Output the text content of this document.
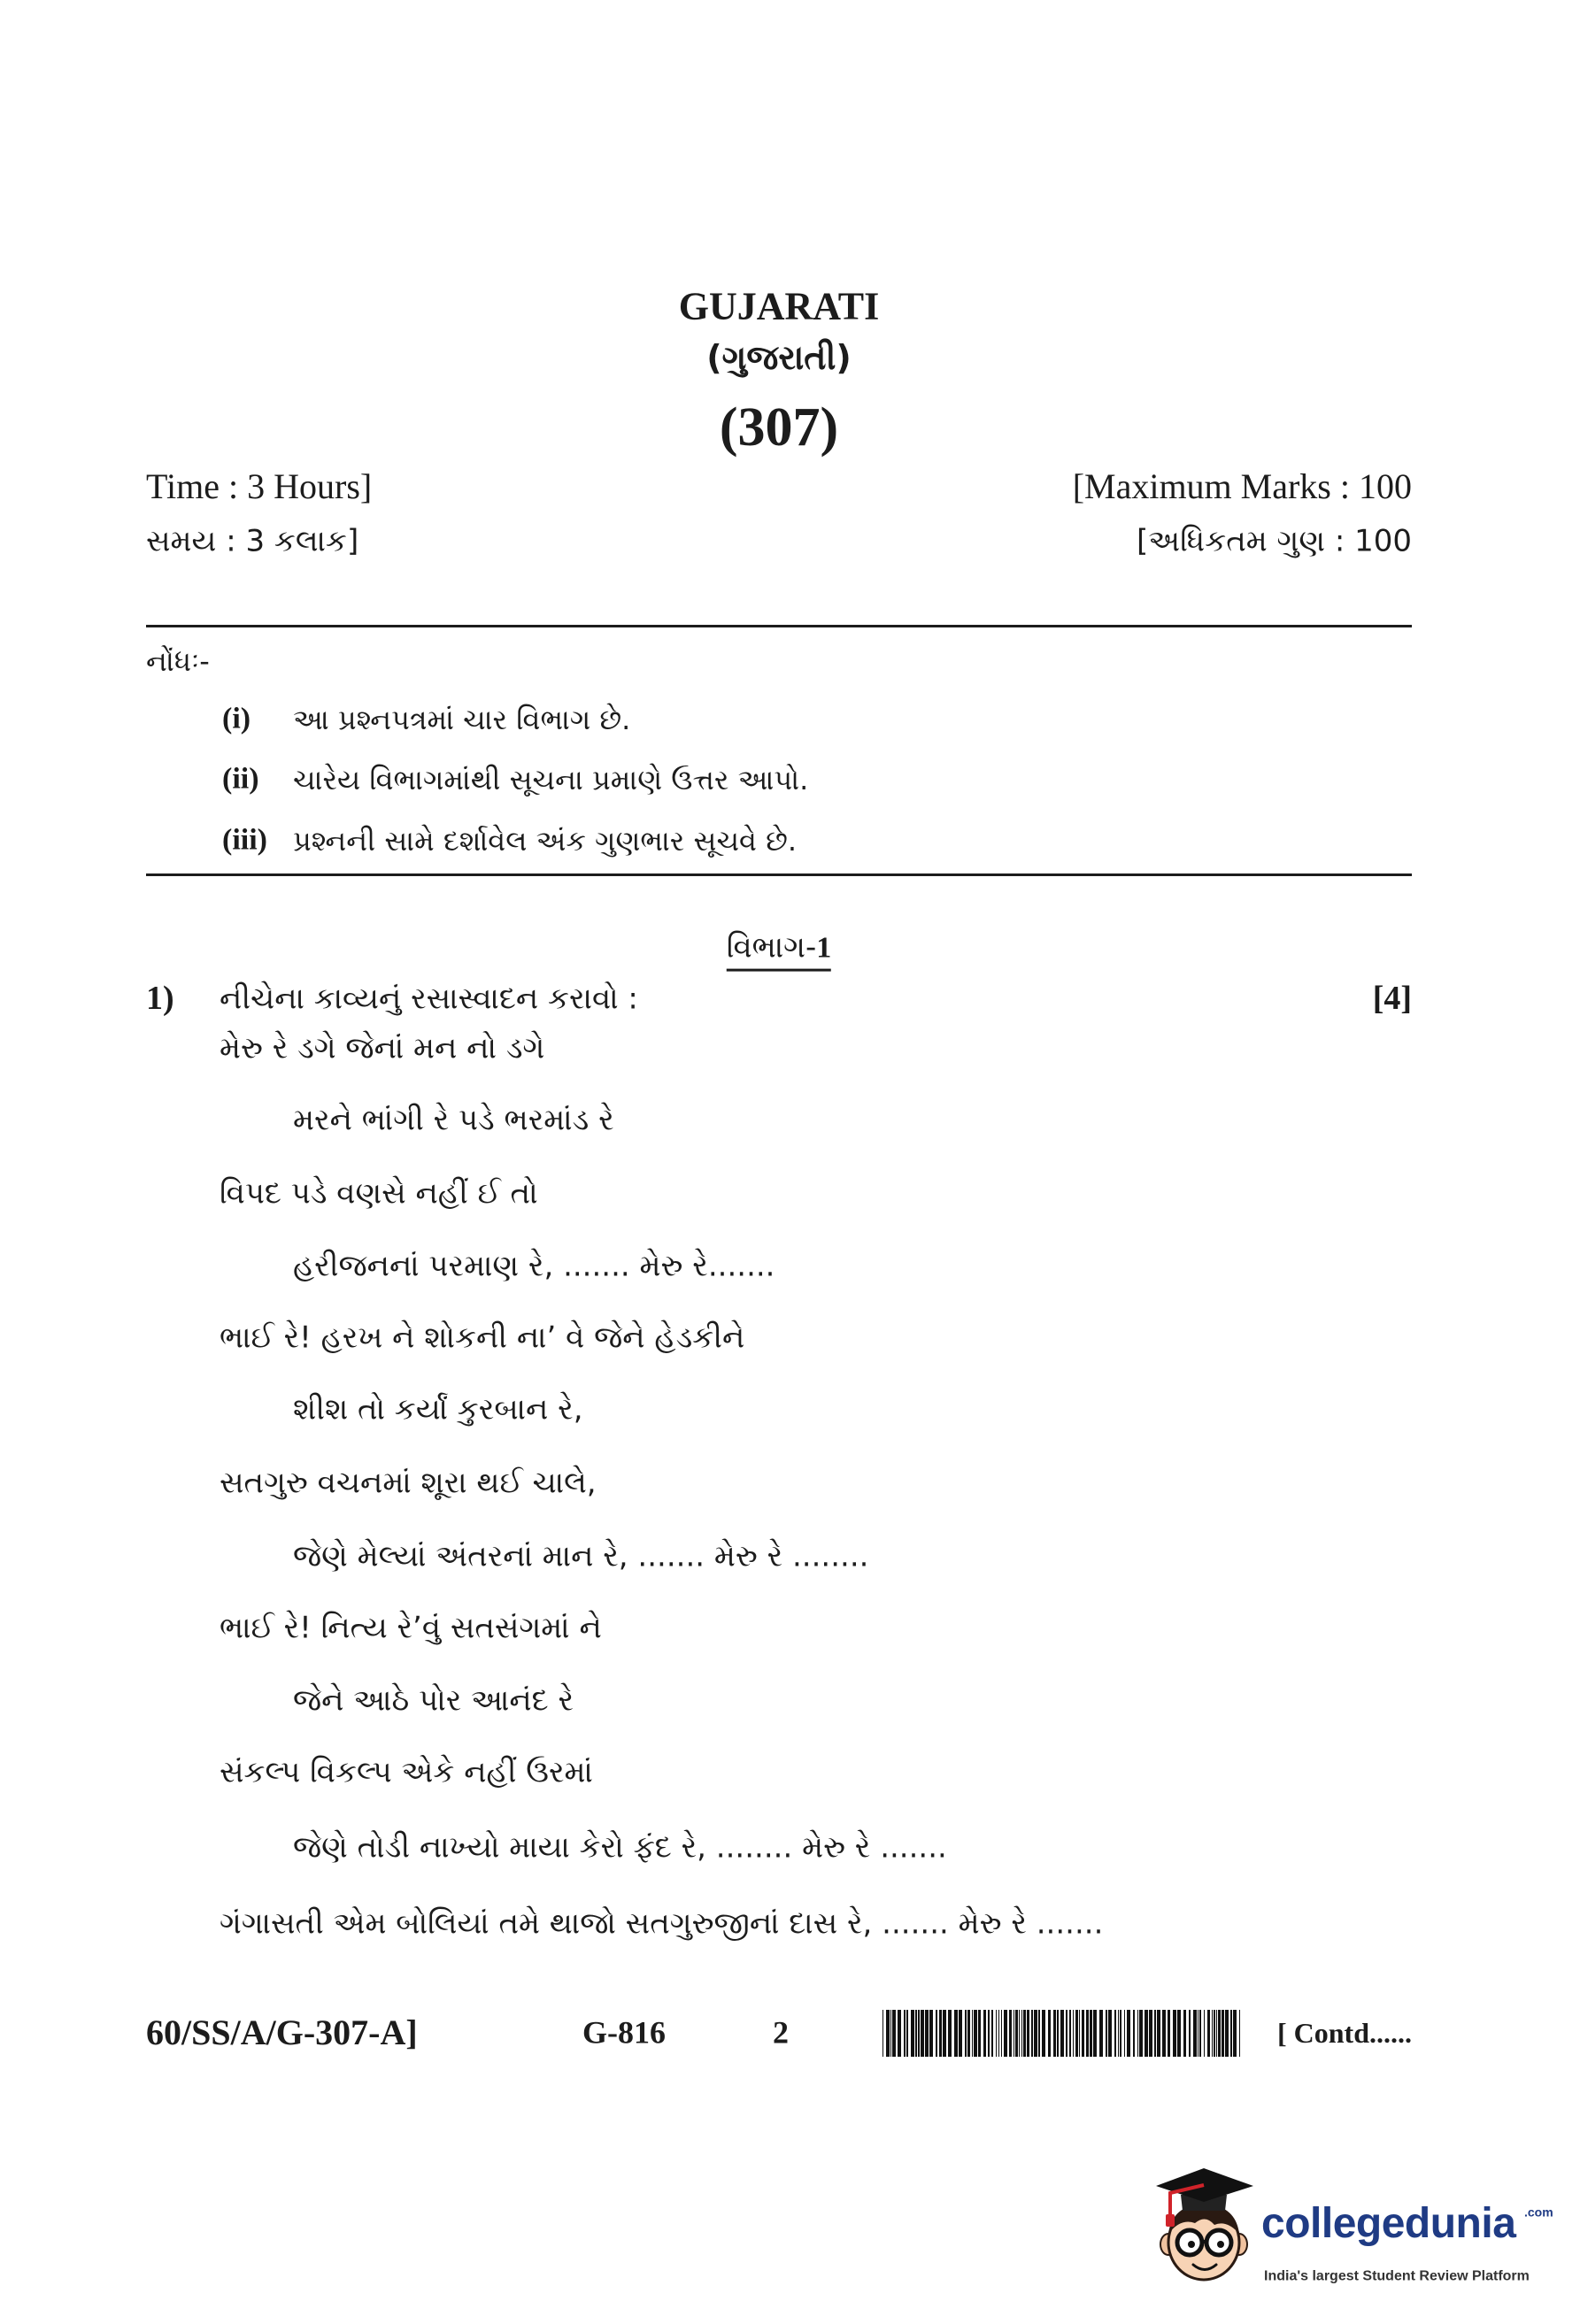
GUJARATI
(ગુજરાતી)
(307)
Time : 3 Hours]	[Maximum Marks : 100
સમય : 3 કલાક]	[અધિકતમ ગુણ : 100
નોંધઃ-
(i) આ પ્રશ્નપત્રમાં ચાર વિભાગ છે.
(ii) ચારેય વિભાગમાંથી સૂચના પ્રમાણે ઉત્તર આપો.
(iii) પ્રશ્નની સામે દર્શાવેલ અંક ગુણભાર સૂચવે છે.
વિભાગ-1
1) નીચેના કાવ્યનું રસાસ્વાદન કરાવો :	[4]
મેરુ રે ડગે જેનાં મન નો ડગે
મરને ભાંગી રે પડે ભરમાંડ રે
વિપદ પડે વણસે નહીં ઈ તો
હરીજનનાં પરમાણ રે, ....... મેરુ રે.......
ભાઈ રે! હરખ ને શોકની ના’ વે જેને હેડકીને
શીશ તો કર્યાં કુરબાન રે,
સતગુરુ વચનમાં શૂરા થઈ ચાલે,
જેણે મેલ્યાં અંતરનાં માન રે, ....... મેરુ રે ........
ભાઈ રે! નિત્ય રે’વું સતસંગમાં ને
જેને આઠે પોર આનંદ રે
સંકલ્પ વિકલ્પ એકે નહીં ઉરમાં
જેણે તોડી નાખ્યો માયા કેરો ફંદ રે, ........ મેરુ રે .......
ગંગાસતી એમ બોલિયાં તમે થાજો સતગુરુજીનાં દાસ રે, ....... મેરુ રે .......
60/SS/A/G-307-A]	G-816	2	[ Contd......
collegedunia .com
India's largest Student Review Platform
